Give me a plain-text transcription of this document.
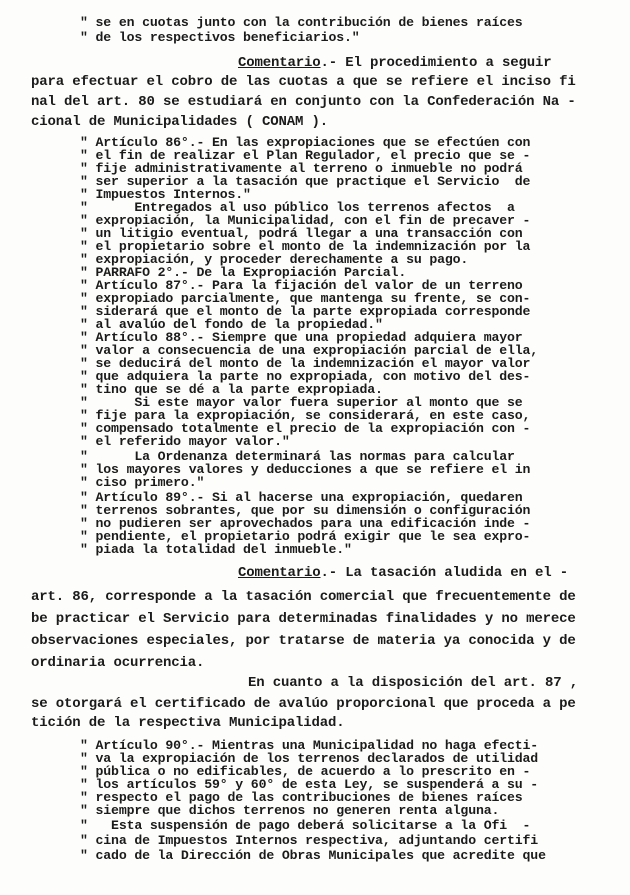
" se en cuotas junto con la contribución de bienes raíces
" de los respectivos beneficiarios."
Comentario.- El procedimiento a seguir
para efectuar el cobro de las cuotas a que se refiere el inciso fi
nal del art. 80 se estudiará en conjunto con la Confederación Na -
cional de Municipalidades ( CONAM ).
" Artículo 86°.- En las expropiaciones que se efectúen con
" el fin de realizar el Plan Regulador, el precio que se -
" fije administrativamente al terreno o inmueble no podrá
" ser superior a la tasación que practique el Servicio  de
" Impuestos Internos."
"      Entregados al uso público los terrenos afectos  a
" expropiación, la Municipalidad, con el fin de precaver -
" un litigio eventual, podrá llegar a una transacción con
" el propietario sobre el monto de la indemnización por la
" expropiación, y proceder derechamente a su pago.
" PARRAFO 2°.- De la Expropiación Parcial.
" Artículo 87°.- Para la fijación del valor de un terreno
" expropiado parcialmente, que mantenga su frente, se con-
" siderará que el monto de la parte expropiada corresponde
" al avalúo del fondo de la propiedad."
" Artículo 88°.- Siempre que una propiedad adquiera mayor
" valor a consecuencia de una expropiación parcial de ella,
" se deducirá del monto de la indemnización el mayor valor
" que adquiera la parte no expropiada, con motivo del des-
" tino que se dé a la parte expropiada.
"      Si este mayor valor fuera superior al monto que se
" fije para la expropiación, se considerará, en este caso,
" compensado totalmente el precio de la expropiación con -
" el referido mayor valor."
"      La Ordenanza determinará las normas para calcular
" los mayores valores y deducciones a que se refiere el in
" ciso primero."
" Artículo 89°.- Si al hacerse una expropiación, quedaren
" terrenos sobrantes, que por su dimensión o configuración
" no pudieren ser aprovechados para una edificación inde -
" pendiente, el propietario podrá exigir que le sea expro-
" piada la totalidad del inmueble."
Comentario.- La tasación aludida en el -
art. 86, corresponde a la tasación comercial que frecuentemente de
be practicar el Servicio para determinadas finalidades y no merece
observaciones especiales, por tratarse de materia ya conocida y de
ordinaria ocurrencia.
En cuanto a la disposición del art. 87 ,
se otorgará el certificado de avalúo proporcional que proceda a pe
tición de la respectiva Municipalidad.
" Artículo 90°.- Mientras una Municipalidad no haga efecti-
" va la expropiación de los terrenos declarados de utilidad
" pública o no edificables, de acuerdo a lo prescrito en -
" los artículos 59° y 60° de esta Ley, se suspenderá a su -
" respecto el pago de las contribuciones de bienes raíces
" siempre que dichos terrenos no generen renta alguna.
"   Esta suspensión de pago deberá solicitarse a la Ofi  -
" cina de Impuestos Internos respectiva, adjuntando certifi
" cado de la Dirección de Obras Municipales que acredite que
